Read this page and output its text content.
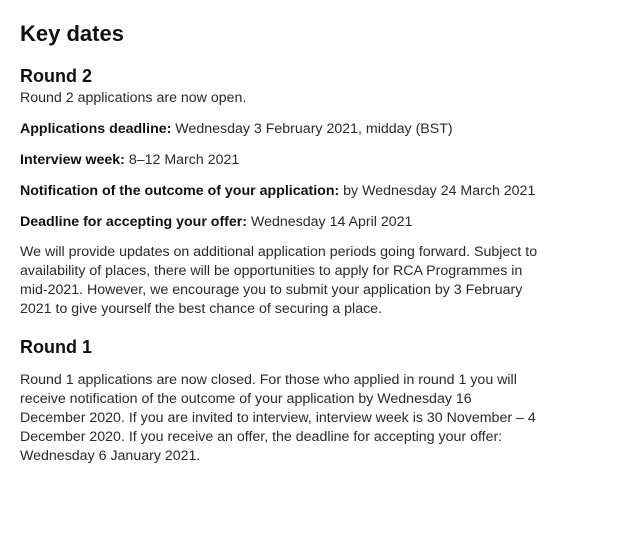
Key dates
Round 2

Round 2 applications are now open.

Applications deadline: Wednesday 3 February 2021, midday (BST)

Interview week: 8–12 March 2021

Notification of the outcome of your application: by Wednesday 24 March 2021

Deadline for accepting your offer: Wednesday 14 April 2021

We will provide updates on additional application periods going forward. Subject to availability of places, there will be opportunities to apply for RCA Programmes in mid-2021. However, we encourage you to submit your application by 3 February 2021 to give yourself the best chance of securing a place.

Round 1

Round 1 applications are now closed. For those who applied in round 1 you will receive notification of the outcome of your application by Wednesday 16 December 2020. If you are invited to interview, interview week is 30 November – 4 December 2020. If you receive an offer, the deadline for accepting your offer: Wednesday 6 January 2021.
